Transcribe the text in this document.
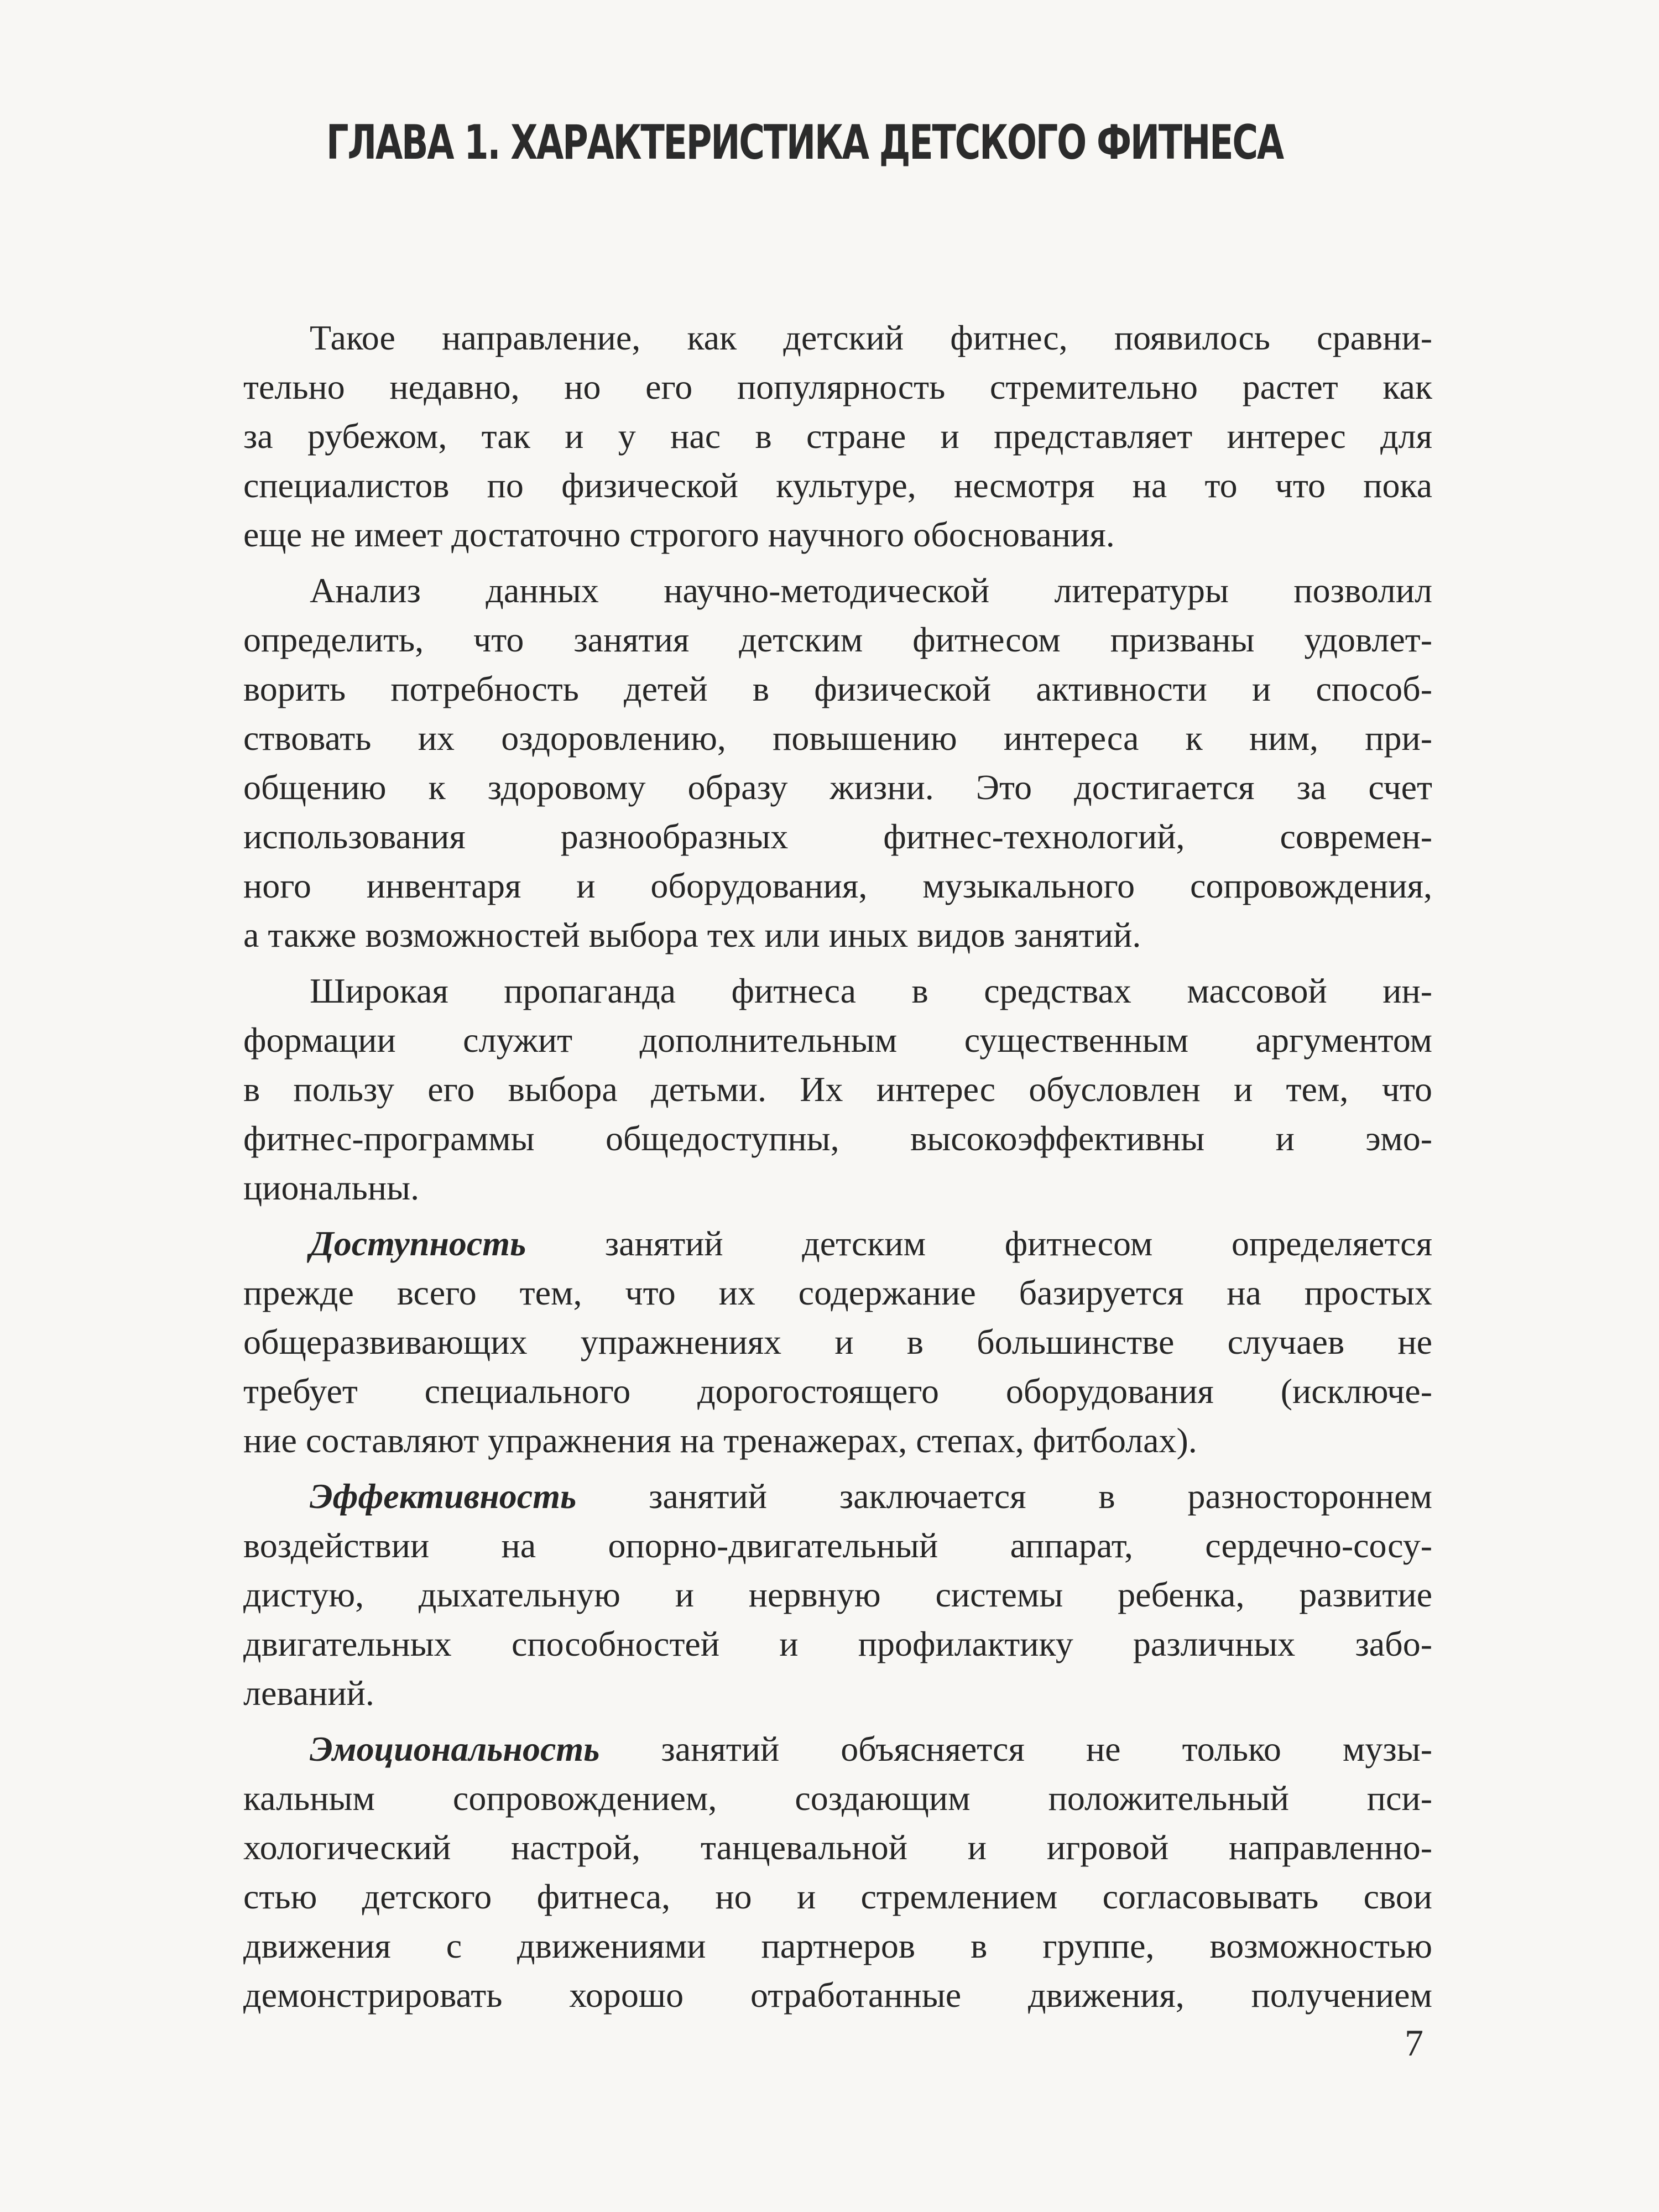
ГЛАВА 1. ХАРАКТЕРИСТИКА ДЕТСКОГО ФИТНЕСА
Такое направление, как детский фитнес, появилось сравни-
тельно недавно, но его популярность стремительно растет как
за рубежом, так и у нас в стране и представляет интерес для
специалистов по физической культуре, несмотря на то что пока
еще не имеет достаточно строгого научного обоснования.
Анализ данных научно-методической литературы позволил
определить, что занятия детским фитнесом призваны удовлет-
ворить потребность детей в физической активности и способ-
ствовать их оздоровлению, повышению интереса к ним, при-
общению к здоровому образу жизни. Это достигается за счет
использования разнообразных фитнес-технологий, современ-
ного инвентаря и оборудования, музыкального сопровождения,
а также возможностей выбора тех или иных видов занятий.
Широкая пропаганда фитнеса в средствах массовой ин-
формации служит дополнительным существенным аргументом
в пользу его выбора детьми. Их интерес обусловлен и тем, что
фитнес-программы общедоступны, высокоэффективны и эмо-
циональны.
Доступность занятий детским фитнесом определяется
прежде всего тем, что их содержание базируется на простых
общеразвивающих упражнениях и в большинстве случаев не
требует специального дорогостоящего оборудования (исключе-
ние составляют упражнения на тренажерах, степах, фитболах).
Эффективность занятий заключается в разностороннем
воздействии на опорно-двигательный аппарат, сердечно-сосу-
дистую, дыхательную и нервную системы ребенка, развитие
двигательных способностей и профилактику различных забо-
леваний.
Эмоциональность занятий объясняется не только музы-
кальным сопровождением, создающим положительный пси-
хологический настрой, танцевальной и игровой направленно-
стью детского фитнеса, но и стремлением согласовывать свои
движения с движениями партнеров в группе, возможностью
демонстрировать хорошо отработанные движения, получением
7
